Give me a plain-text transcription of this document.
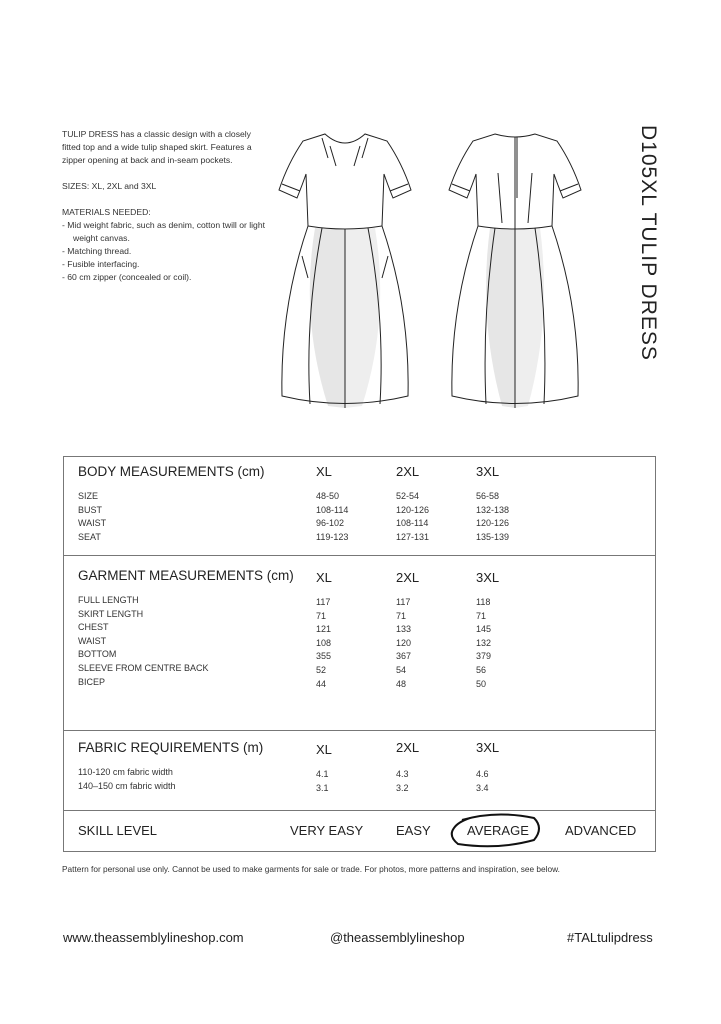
TULIP DRESS has a classic design with a closely fitted top and a wide tulip shaped skirt. Features a zipper opening at back and in-seam pockets.

SIZES: XL, 2XL and 3XL

MATERIALS NEEDED:
- Mid weight fabric, such as denim, cotton twill or light weight canvas.
- Matching thread.
- Fusible interfacing.
- 60 cm zipper (concealed or coil).	D105XL TULIP DRESS
BODY MEASUREMENTS (cm)	XL	2XL	3XL
SIZE	48-50	52-54	56-58
BUST	108-114	120-126	132-138
WAIST	96-102	108-114	120-126
SEAT	119-123	127-131	135-139
GARMENT MEASUREMENTS (cm) XL	2XL	3XL
FULL LENGTH	117	117	118
SKIRT LENGTH	71	71	71
CHEST	121	133	145
WAIST	108	120	132
BOTTOM	355	367	379
SLEEVE FROM CENTRE BACK	52	54	56
BICEP	44	48	50
FABRIC REQUIREMENTS (m)	XL	2XL	3XL
110-120 cm fabric width	4.1	4.3	4.6
140–150 cm fabric width	3.1	3.2	3.4
SKILL LEVEL	VERY EASY	EASY	AVERAGE	ADVANCED
Pattern for personal use only. Cannot be used to make garments for sale or trade. For photos, more patterns and inspiration, see below.
www.theassemblylineshop.com	@theassemblylineshop	#TALtulipdress
